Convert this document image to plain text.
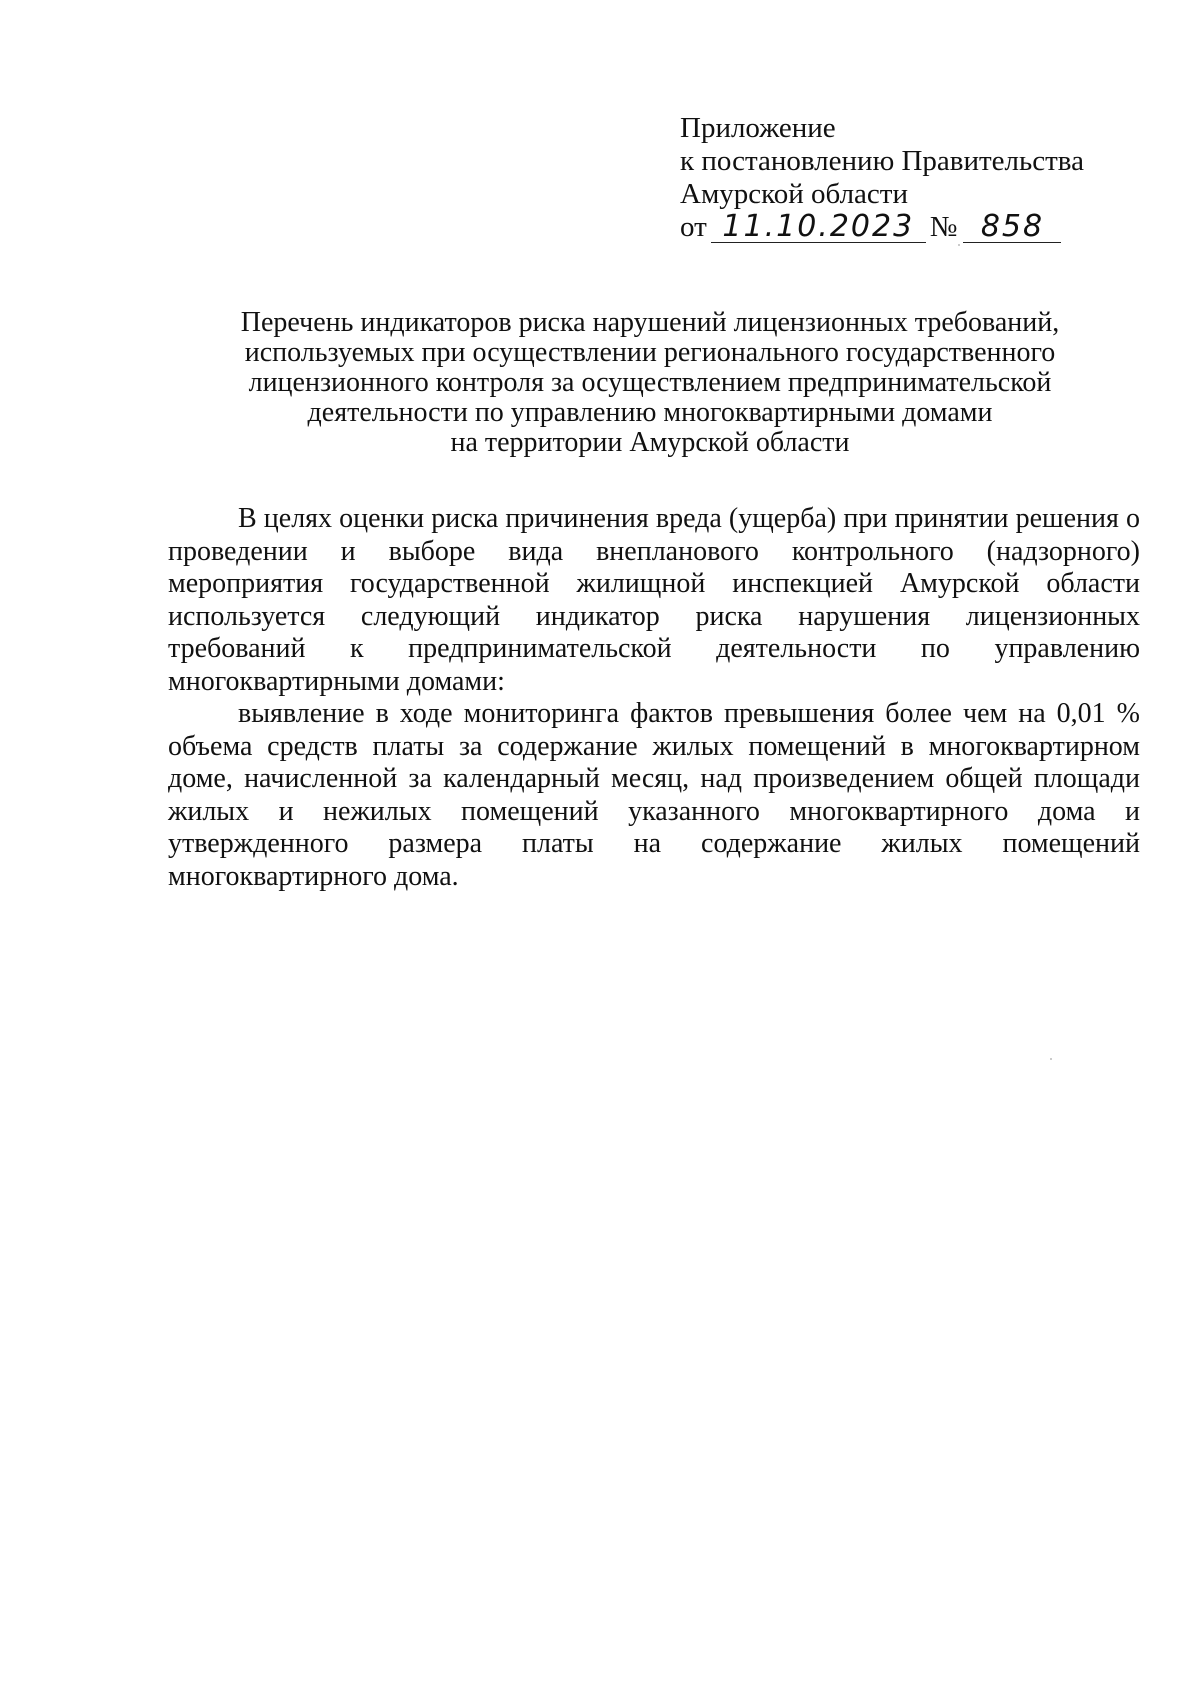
Приложение
к постановлению Правительства
Амурской области
от 11.10.2023 № 858
Перечень индикаторов риска нарушений лицензионных требований,
используемых при осуществлении регионального государственного
лицензионного контроля за осуществлением предпринимательской
деятельности по управлению многоквартирными домами
на территории Амурской области

В целях оценки риска причинения вреда (ущерба) при принятии решения о проведении и выборе вида внепланового контрольного (надзорного) мероприятия государственной жилищной инспекцией Амурской области используется следующий индикатор риска нарушения лицензионных требований к предпринимательской деятельности по управлению многоквартирными домами:

выявление в ходе мониторинга фактов превышения более чем на 0,01 % объема средств платы за содержание жилых помещений в многоквартирном доме, начисленной за календарный месяц, над произведением общей площади жилых и нежилых помещений указанного многоквартирного дома и утвержденного размера платы на содержание жилых помещений многоквартирного дома.
